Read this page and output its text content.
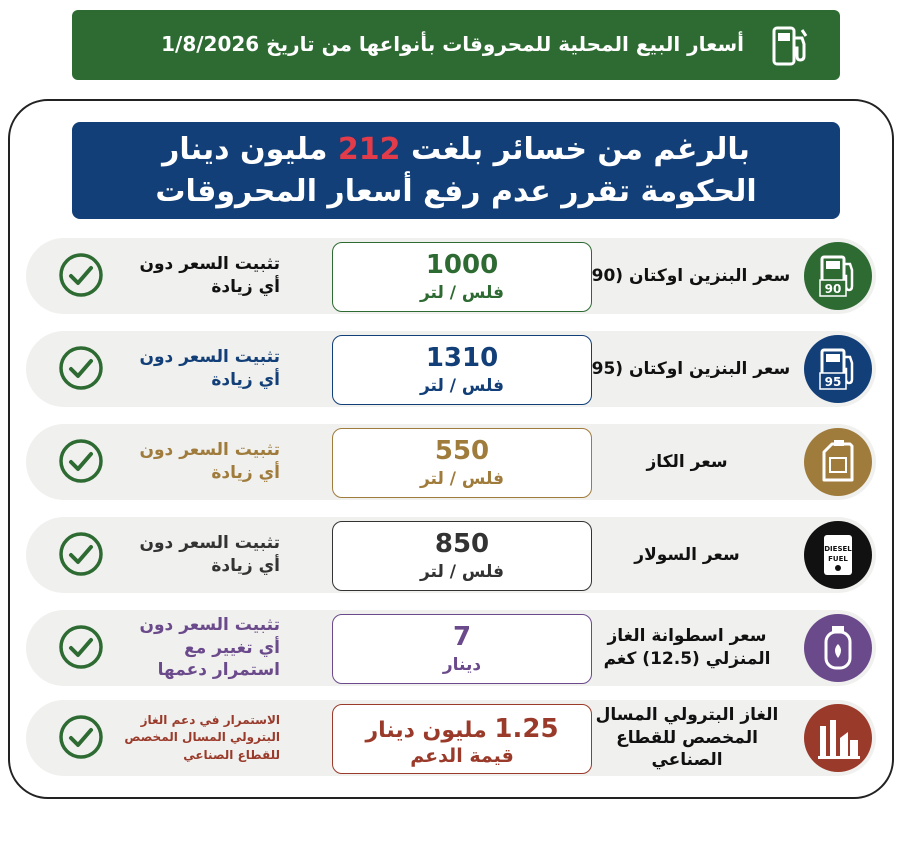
أسعار البيع المحلية للمحروقات بأنواعها من تاريخ 1/8/2026
بالرغم من خسائر بلغت 212 مليون دينار
الحكومة تقرر عدم رفع أسعار المحروقات
90
سعر البنزين اوكتان (90
1000
فلس / لتر
تثبيت السعر دون أي زيادة
95
سعر البنزين اوكتان (95
1310
فلس / لتر
تثبيت السعر دون أي زيادة
سعر الكاز
550
فلس / لتر
تثبيت السعر دون أي زيادة
DIESEL
FUEL
سعر السولار
850
فلس / لتر
تثبيت السعر دون أي زيادة
سعر اسطوانة الغاز المنزلي (12.5) كغم
7
دينار
تثبيت السعر دون أي تغيير مع استمرار دعمها
الغاز البترولي المسال المخصص للقطاع الصناعي
1.25 مليون دينار
قيمة الدعم
الاستمرار في دعم الغاز البترولي المسال المخصص للقطاع الصناعي
